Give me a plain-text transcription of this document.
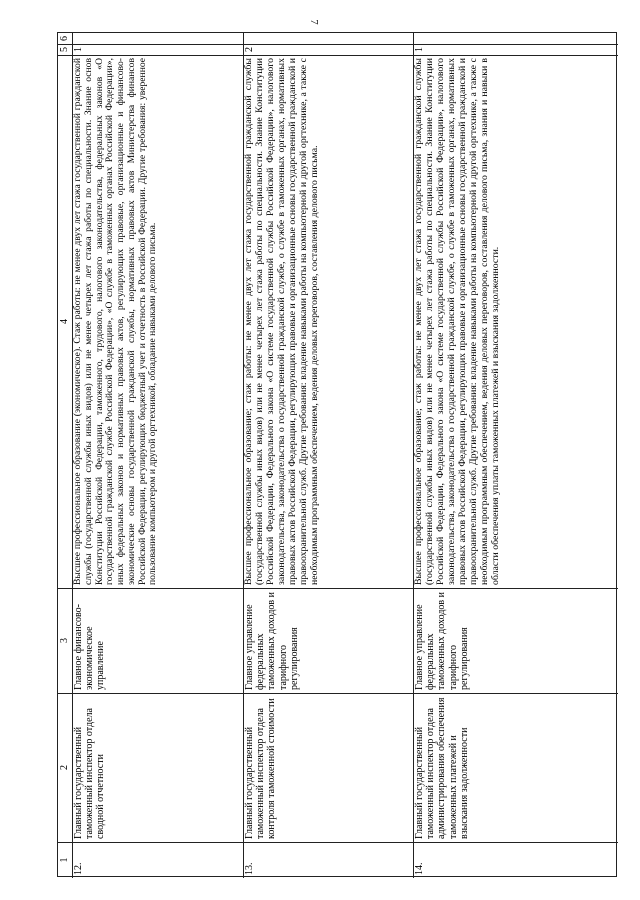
7
1
2
3
4
5
6
12.
Главный государственный таможенный инспектор отдела сводной отчетности
Главное финансово-экономическое управление
Высшее профессиональное образование (экономическое). Стаж работы: не менее двух лет стажа государственной гражданской службы (государственной службы иных видов) или не менее четырех лет стажа работы по специальности. Знание основ Конституции Российской Федерации, таможенного, трудового, налогового законодательства, федеральных законов «О государственной гражданской службе Российской Федерации», «О службе в таможенных органах Российской Федерации», иных федеральных законов и нормативных правовых актов, регулирующих правовые, организационные и финансово-экономические основы государственной гражданской службы, нормативных правовых актов Министерства финансов Российской Федерации, регулирующих бюджетный учет и отчетность в Российской Федерации. Другие требования: уверенное пользование компьютером и другой оргтехникой, обладание навыками делового письма.
1
13.
Главный государственный таможенный инспектор отдела контроля таможенной стоимости
Главное управление федеральных таможенных доходов и тарифного регулирования
Высшее профессиональное образование; стаж работы: не менее двух лет стажа государственной гражданской службы (государственной службы иных видов) или не менее четырех лет стажа работы по специальности. Знание Конституции Российской Федерации, Федерального закона «О системе государственной службы Российской Федерации», налогового законодательства, законодательства о государственной гражданской службе, о службе в таможенных органах, нормативных правовых актов Российской Федерации, регулирующих правовые и организационные основы государственной гражданской и правоохранительной служб. Другие требования: владение навыками работы на компьютерной и другой оргтехнике, а также с необходимым программным обеспечением, ведения деловых переговоров, составления делового письма.
2
14.
Главный государственный таможенный инспектор отдела администрирования обеспечения таможенных платежей и взыскания задолженности
Главное управление федеральных таможенных доходов и тарифного регулирования
Высшее профессиональное образование; стаж работы: не менее двух лет стажа государственной гражданской службы (государственной службы иных видов) или не менее четырех лет стажа работы по специальности. Знание Конституции Российской Федерации, Федерального закона «О системе государственной службы Российской Федерации», налогового законодательства, законодательства о государственной гражданской службе, о службе в таможенных органах, нормативных правовых актов Российской Федерации, регулирующих правовые и организационные основы государственной гражданской и правоохранительной служб. Другие требования: владение навыками работы на компьютерной и другой оргтехнике, а также с необходимым программным обеспечением, ведения деловых переговоров, составления делового письма, знания и навыки в области обеспечения уплаты таможенных платежей и взыскания задолженности.
1
